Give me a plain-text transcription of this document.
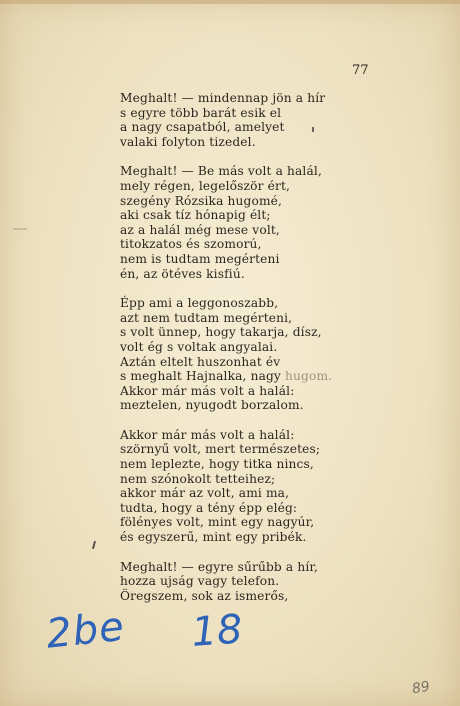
77
Meghalt! — mindennap jön a hír
s egyre több barát esik el
a nagy csapatból, amelyet
valaki folyton tizedel.
Meghalt! — Be más volt a halál,
mely régen, legelőször ért,
szegény Rózsika hugomé,
aki csak tíz hónapig élt;
az a halál még mese volt,
titokzatos és szomorú,
nem is tudtam megérteni
én, az ötéves kisfiú.
Épp ami a leggonoszabb,
azt nem tudtam megérteni,
s volt ünnep, hogy takarja, dísz,
volt ég s voltak angyalai.
Aztán eltelt huszonhat év
s meghalt Hajnalka, nagy hugom.
Akkor már más volt a halál:
meztelen, nyugodt borzalom.
Akkor már más volt a halál:
szörnyű volt, mert természetes;
nem leplezte, hogy titka nincs,
nem szónokolt tetteihez;
akkor már az volt, ami ma,
tudta, hogy a tény épp elég:
fölényes volt, mint egy nagyúr,
és egyszerű, mint egy pribék.
Meghalt! — egyre sűrűbb a hír,
hozza ujság vagy telefon.
Öregszem, sok az ismerős,
2be 18
89
